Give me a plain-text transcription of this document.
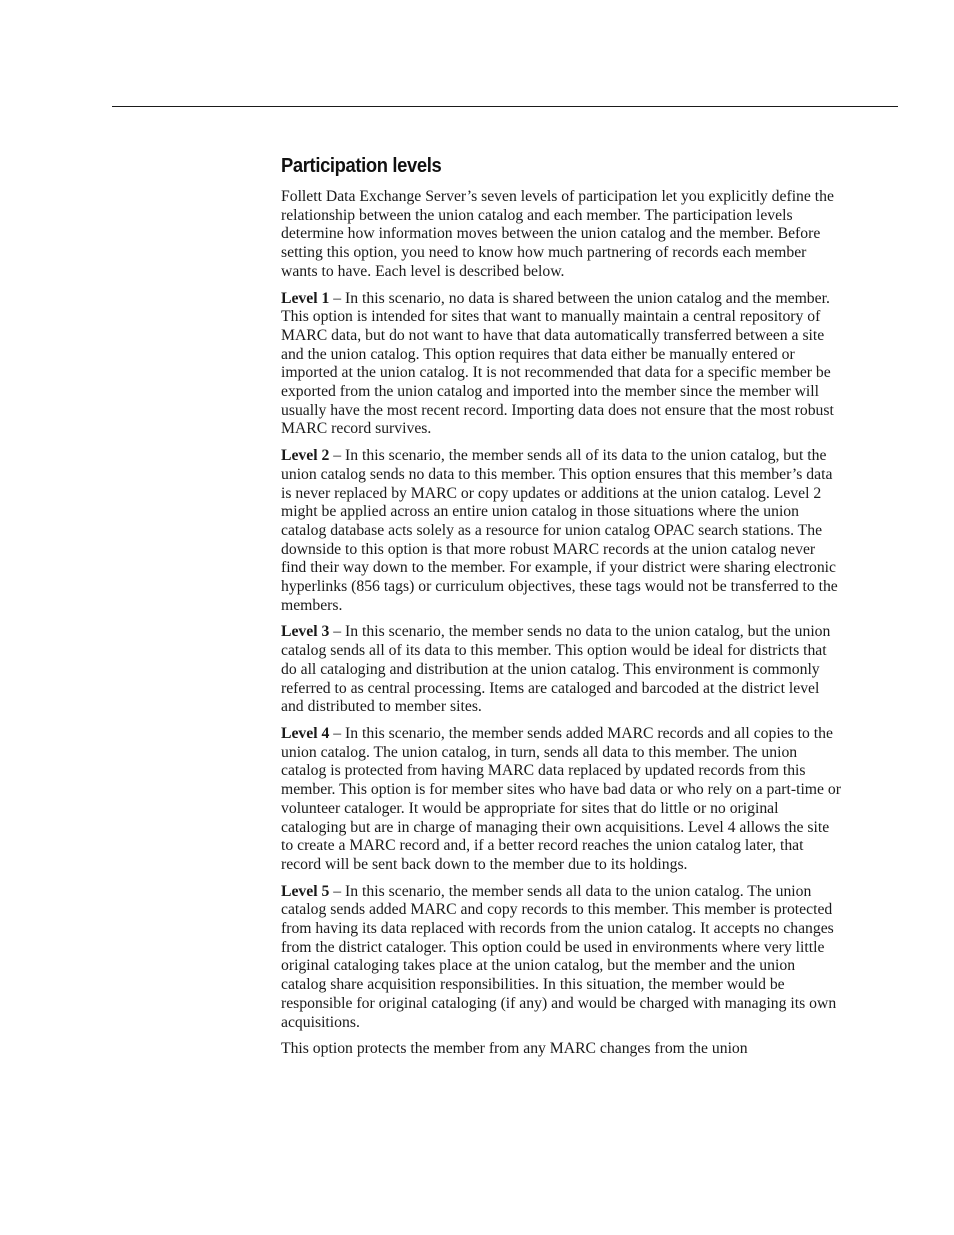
Participation levels

Follett Data Exchange Server’s seven levels of participation let you explicitly define the relationship between the union catalog and each member. The participation levels determine how information moves between the union catalog and the member. Before setting this option, you need to know how much partnering of records each member wants to have. Each level is described below.

Level 1 – In this scenario, no data is shared between the union catalog and the member. This option is intended for sites that want to manually maintain a central repository of MARC data, but do not want to have that data automatically transferred between a site and the union catalog. This option requires that data either be manually entered or imported at the union catalog. It is not recommended that data for a specific member be exported from the union catalog and imported into the member since the member will usually have the most recent record. Importing data does not ensure that the most robust MARC record survives.

Level 2 – In this scenario, the member sends all of its data to the union catalog, but the union catalog sends no data to this member. This option ensures that this member’s data is never replaced by MARC or copy updates or additions at the union catalog. Level 2 might be applied across an entire union catalog in those situations where the union catalog database acts solely as a resource for union catalog OPAC search stations. The downside to this option is that more robust MARC records at the union catalog never find their way down to the member. For example, if your district were sharing electronic hyperlinks (856 tags) or curriculum objectives, these tags would not be transferred to the members.

Level 3 – In this scenario, the member sends no data to the union catalog, but the union catalog sends all of its data to this member. This option would be ideal for districts that do all cataloging and distribution at the union catalog. This environment is commonly referred to as central processing. Items are cataloged and barcoded at the district level and distributed to member sites.

Level 4 – In this scenario, the member sends added MARC records and all copies to the union catalog. The union catalog, in turn, sends all data to this member. The union catalog is protected from having MARC data replaced by updated records from this member. This option is for member sites who have bad data or who rely on a part-time or volunteer cataloger. It would be appropriate for sites that do little or no original cataloging but are in charge of managing their own acquisitions. Level 4 allows the site to create a MARC record and, if a better record reaches the union catalog later, that record will be sent back down to the member due to its holdings.

Level 5 – In this scenario, the member sends all data to the union catalog. The union catalog sends added MARC and copy records to this member. This member is protected from having its data replaced with records from the union catalog. It accepts no changes from the district cataloger. This option could be used in environments where very little original cataloging takes place at the union catalog, but the member and the union catalog share acquisition responsibilities. In this situation, the member would be responsible for original cataloging (if any) and would be charged with managing its own acquisitions.

This option protects the member from any MARC changes from the union
